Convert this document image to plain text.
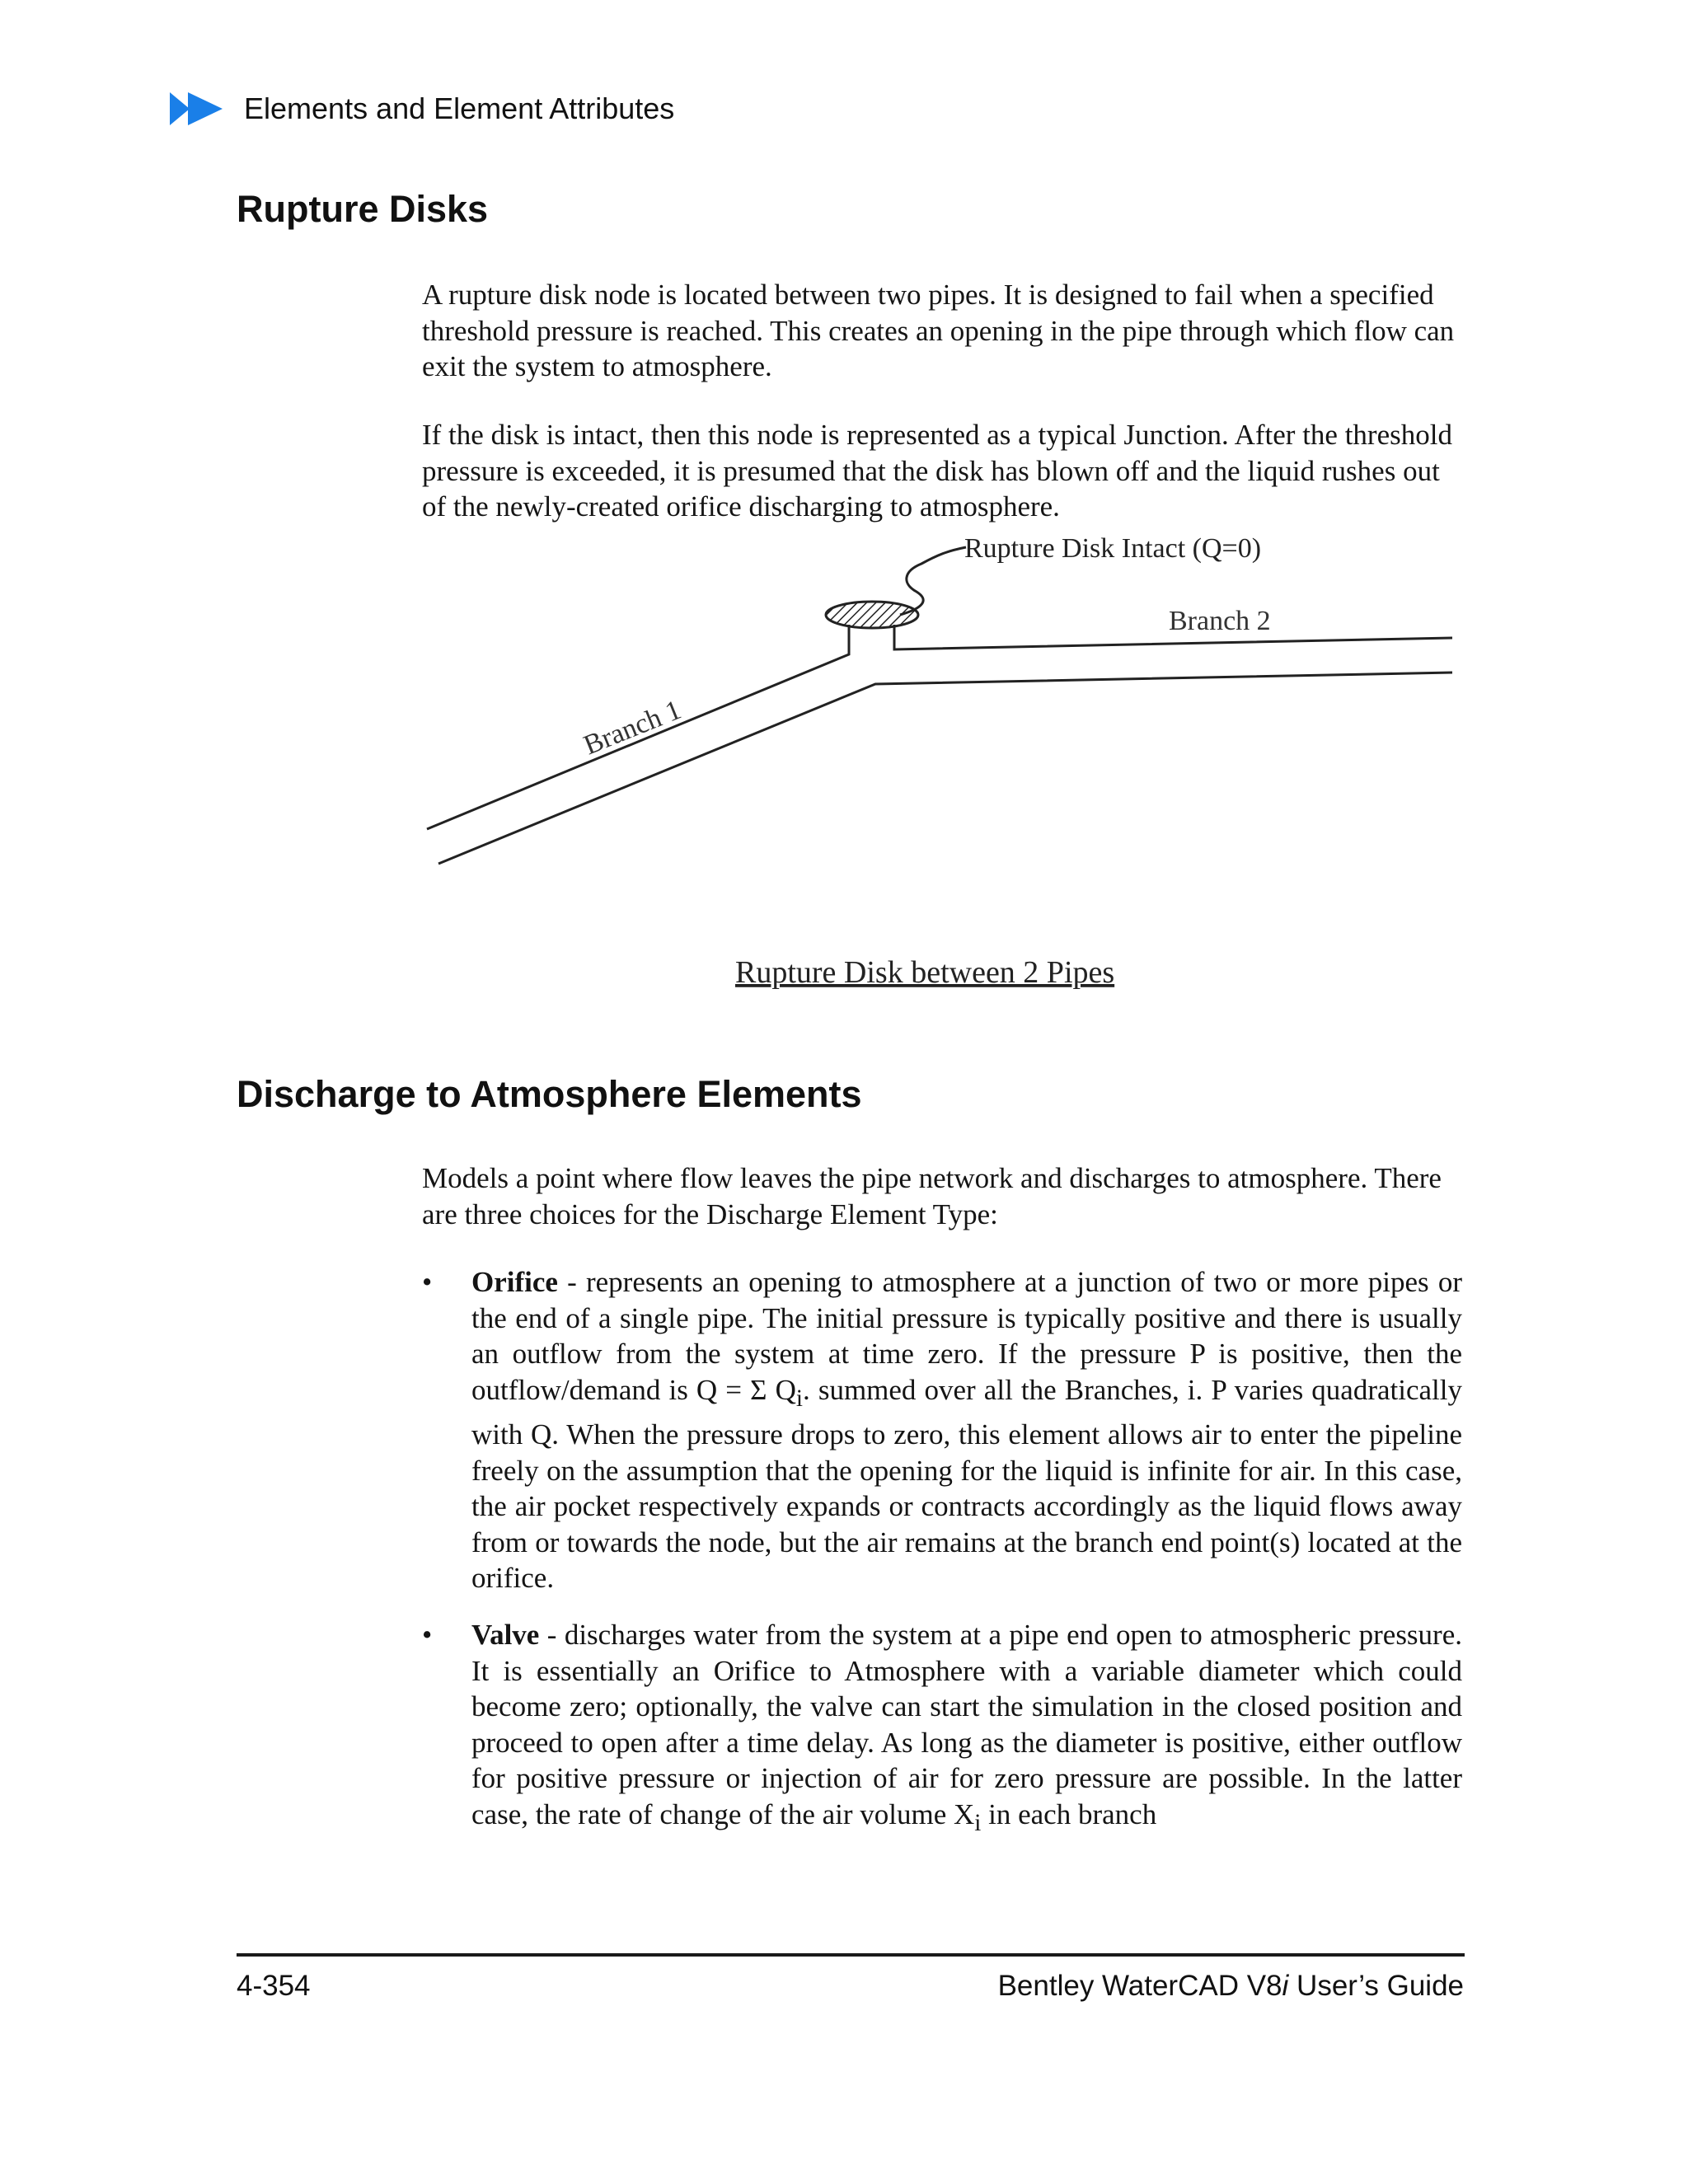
Elements and Element Attributes
Rupture Disks

A rupture disk node is located between two pipes. It is designed to fail when a specified threshold pressure is reached. This creates an opening in the pipe through which flow can exit the system to atmosphere.

If the disk is intact, then this node is represented as a typical Junction. After the threshold pressure is exceeded, it is presumed that the disk has blown off and the liquid rushes out of the newly-created orifice discharging to atmosphere.

Rupture Disk Intact (Q=0)
Branch 2
Branch 1
Rupture Disk between 2 Pipes
Discharge to Atmosphere Elements

Models a point where flow leaves the pipe network and discharges to atmosphere. There are three choices for the Discharge Element Type:

• Orifice - represents an opening to atmosphere at a junction of two or more pipes or the end of a single pipe. The initial pressure is typically positive and there is usually an outflow from the system at time zero. If the pressure P is positive, then the outflow/demand is Q = Σ $Q_i$. summed over all the Branches, i. P varies quadratically with Q. When the pressure drops to zero, this element allows air to enter the pipeline freely on the assumption that the opening for the liquid is infinite for air. In this case, the air pocket respectively expands or contracts accordingly as the liquid flows away from or towards the node, but the air remains at the branch end point(s) located at the orifice.
• Valve - discharges water from the system at a pipe end open to atmospheric pressure. It is essentially an Orifice to Atmosphere with a variable diameter which could become zero; optionally, the valve can start the simulation in the closed position and proceed to open after a time delay. As long as the diameter is positive, either outflow for positive pressure or injection of air for zero pressure are possible. In the latter case, the rate of change of the air volume $X_i$ in each branch
4-354	Bentley WaterCAD V8i User’s Guide
